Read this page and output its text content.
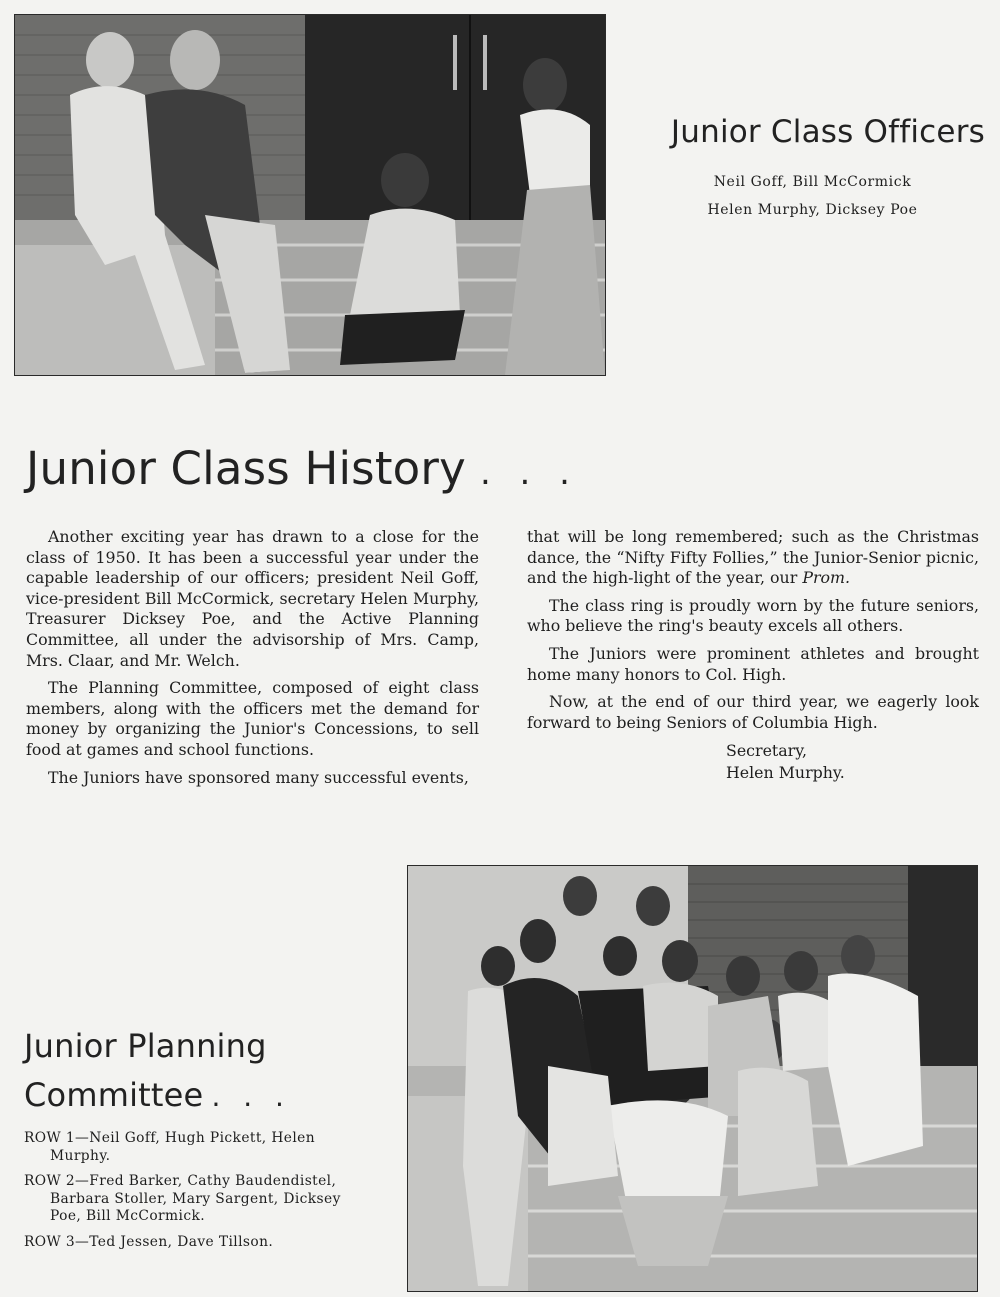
Junior Class Officers
Neil Goff, Bill McCormick
Helen Murphy, Dicksey Poe
Junior Class History . . .

Another exciting year has drawn to a close for the class of 1950. It has been a successful year under the capable leadership of our officers; president Neil Goff, vice-president Bill McCormick, secretary Helen Murphy, Treasurer Dicksey Poe, and the Active Planning Committee, all under the advisorship of Mrs. Camp, Mrs. Claar, and Mr. Welch.

The Planning Committee, composed of eight class members, along with the officers met the demand for money by organizing the Junior's Concessions, to sell food at games and school functions.

The Juniors have sponsored many successful events,

that will be long remembered; such as the Christmas dance, the “Nifty Fifty Follies,” the Junior-Senior picnic, and the high-light of the year, our Prom.

The class ring is proudly worn by the future seniors, who believe the ring's beauty excels all others.

The Juniors were prominent athletes and brought home many honors to Col. High.

Now, at the end of our third year, we eagerly look forward to being Seniors of Columbia High.

Secretary,
Helen Murphy.
Junior Planning
Committee . . .
ROW 1—Neil Goff, Hugh Pickett, Helen Murphy.
ROW 2—Fred Barker, Cathy Baudendistel, Barbara Stoller, Mary Sargent, Dicksey Poe, Bill McCormick.
ROW 3—Ted Jessen, Dave Tillson.
